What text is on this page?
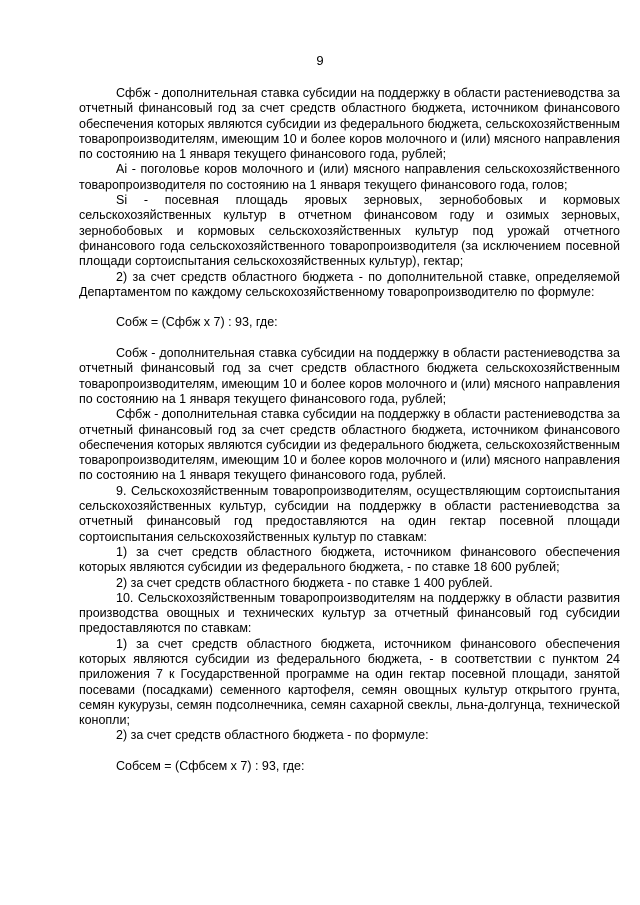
9

Сфбж - дополнительная ставка субсидии на поддержку в области растениеводства за отчетный финансовый год за счет средств областного бюджета, источником финансового обеспечения которых являются субсидии из федерального бюджета, сельскохозяйственным товаропроизводителям, имеющим 10 и более коров молочного и (или) мясного направления по состоянию на 1 января текущего финансового года, рублей;

Ai - поголовье коров молочного и (или) мясного направления сельскохозяйственного товаропроизводителя по состоянию на 1 января текущего финансового года, голов;

Si - посевная площадь яровых зерновых, зернобобовых и кормовых сельскохозяйственных культур в отчетном финансовом году и озимых зерновых, зернобобовых и кормовых сельскохозяйственных культур под урожай отчетного финансового года сельскохозяйственного товаропроизводителя (за исключением посевной площади сортоиспытания сельскохозяйственных культур), гектар;

2) за счет средств областного бюджета - по дополнительной ставке, определяемой Департаментом по каждому сельскохозяйственному товаропроизводителю по формуле:

Собж = (Сфбж x 7) : 93, где:

Собж - дополнительная ставка субсидии на поддержку в области растениеводства за отчетный финансовый год за счет средств областного бюджета сельскохозяйственным товаропроизводителям, имеющим 10 и более коров молочного и (или) мясного направления по состоянию на 1 января текущего финансового года, рублей;

Сфбж - дополнительная ставка субсидии на поддержку в области растениеводства за отчетный финансовый год за счет средств областного бюджета, источником финансового обеспечения которых являются субсидии из федерального бюджета, сельскохозяйственным товаропроизводителям, имеющим 10 и более коров молочного и (или) мясного направления по состоянию на 1 января текущего финансового года, рублей.

9. Сельскохозяйственным товаропроизводителям, осуществляющим сортоиспытания сельскохозяйственных культур, субсидии на поддержку в области растениеводства за отчетный финансовый год предоставляются на один гектар посевной площади сортоиспытания сельскохозяйственных культур по ставкам:

1) за счет средств областного бюджета, источником финансового обеспечения которых являются субсидии из федерального бюджета, - по ставке 18 600 рублей;

2) за счет средств областного бюджета - по ставке 1 400 рублей.

10. Сельскохозяйственным товаропроизводителям на поддержку в области развития производства овощных и технических культур за отчетный финансовый год субсидии предоставляются по ставкам:

1) за счет средств областного бюджета, источником финансового обеспечения которых являются субсидии из федерального бюджета, - в соответствии с пунктом 24 приложения 7 к Государственной программе на один гектар посевной площади, занятой посевами (посадками) семенного картофеля, семян овощных культур открытого грунта, семян кукурузы, семян подсолнечника, семян сахарной свеклы, льна-долгунца, технической конопли;

2) за счет средств областного бюджета - по формуле:

Собсем = (Сфбсем x 7) : 93, где:
